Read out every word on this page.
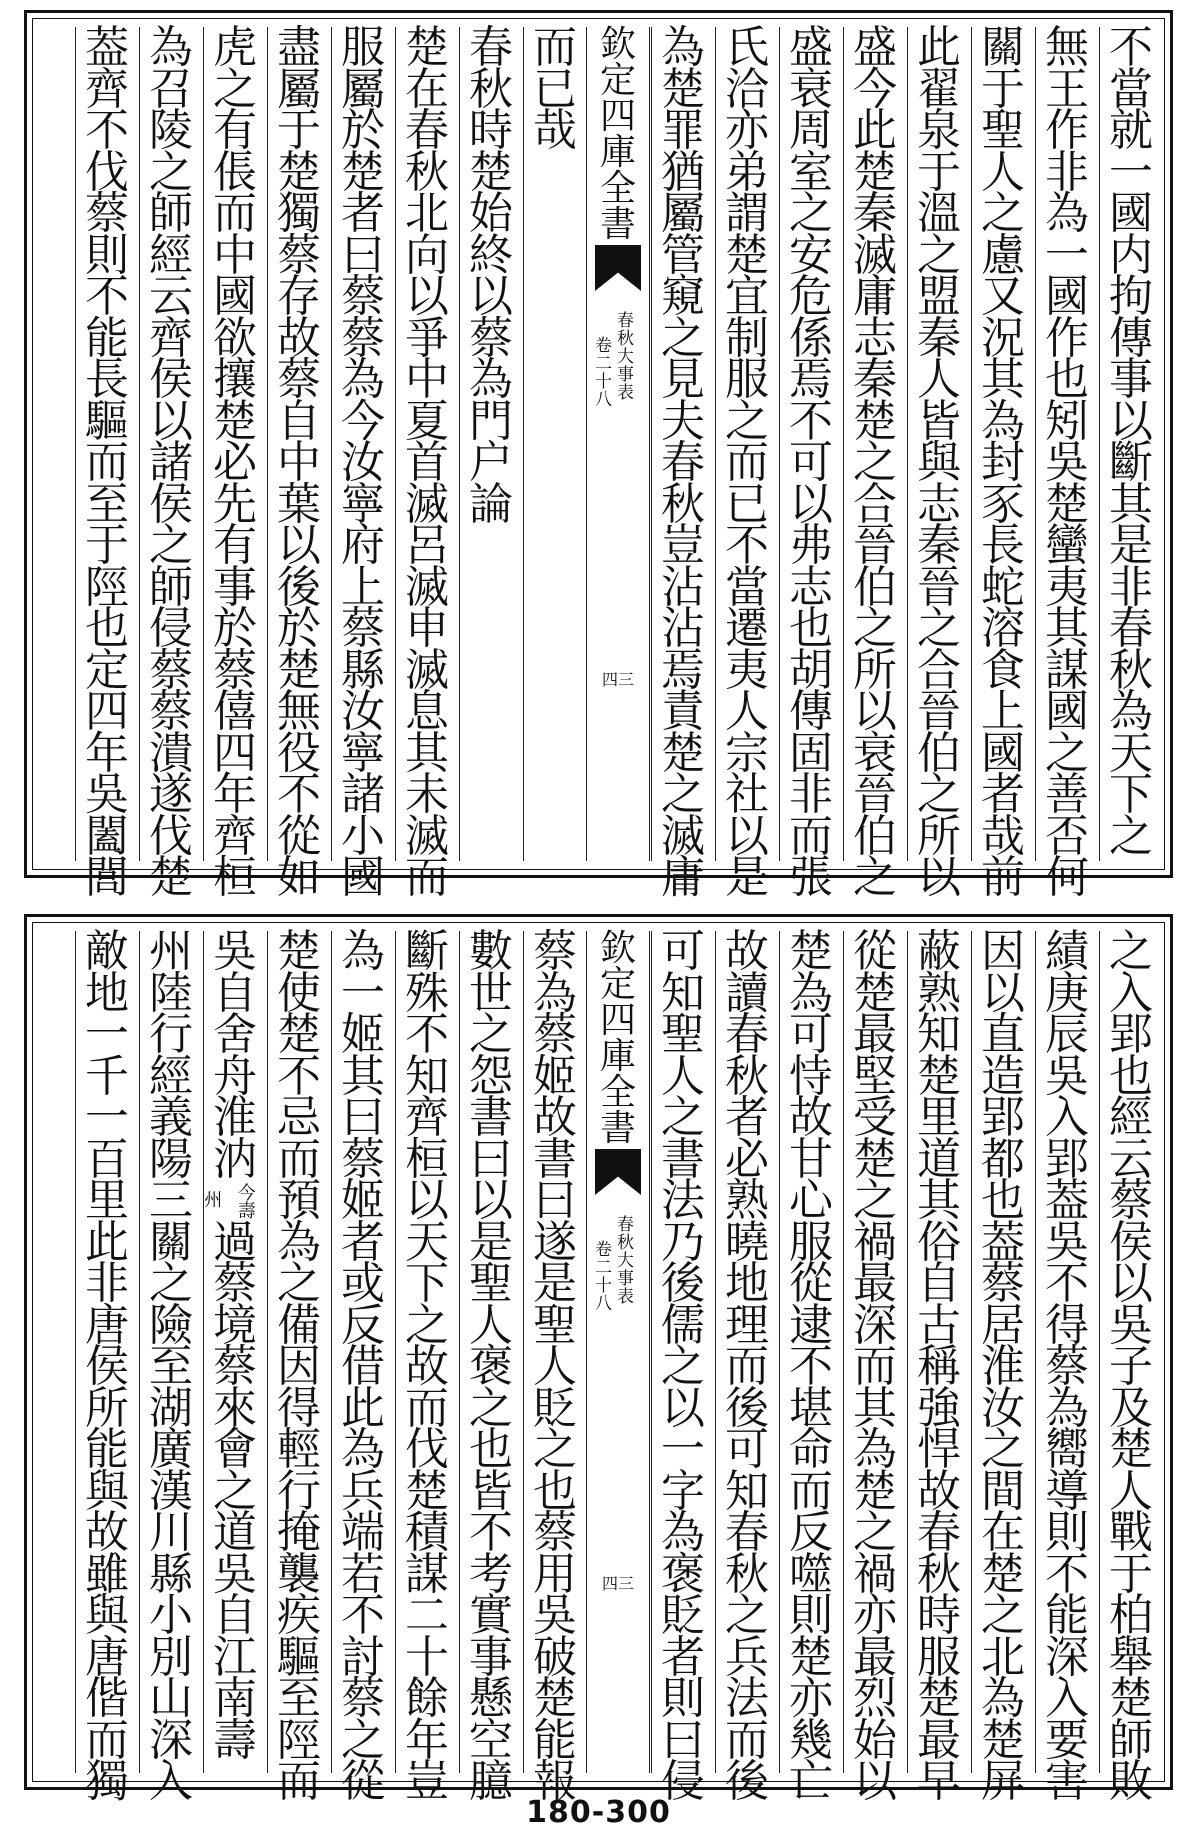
不
當
就
一
國
内
拘
傳
事
以
斷
其
是
非
春
秋
為
天
下
之
無
王
作
非
為
一
國
作
也
矧
吳
楚
蠻
夷
其
謀
國
之
善
否
何
關
于
聖
人
之
慮
又
況
其
為
封
豕
長
蛇
溶
食
上
國
者
哉
前
此
翟
泉
于
溫
之
盟
秦
人
皆
與
志
秦
晉
之
合
晉
伯
之
所
以
盛
今
此
楚
秦
滅
庸
志
秦
楚
之
合
晉
伯
之
所
以
衰
晉
伯
之
盛
衰
周
室
之
安
危
係
焉
不
可
以
弗
志
也
胡
傳
固
非
而
張
氏
洽
亦
弟
謂
楚
宜
制
服
之
而
已
不
當
遷
夷
人
宗
社
以
是
為
楚
罪
猶
屬
管
窺
之
見
夫
春
秋
豈
沾
沾
焉
責
楚
之
滅
庸
欽
定
四
庫
全
書
春
秋
大
事
表
卷
二
十
八
四三
而
已
哉
春
秋
時
楚
始
終
以
蔡
為
門
户
論
楚
在
春
秋
北
向
以
爭
中
夏
首
滅
呂
滅
申
滅
息
其
未
滅
而
服
屬
於
楚
者
曰
蔡
蔡
為
今
汝
寧
府
上
蔡
縣
汝
寧
諸
小
國
盡
屬
于
楚
獨
蔡
存
故
蔡
自
中
葉
以
後
於
楚
無
役
不
從
如
虎
之
有
倀
而
中
國
欲
攘
楚
必
先
有
事
於
蔡
僖
四
年
齊
桓
為
召
陵
之
師
經
云
齊
侯
以
諸
侯
之
師
侵
蔡
蔡
潰
遂
伐
楚
葢
齊
不
伐
蔡
則
不
能
長
驅
而
至
于
陘
也
定
四
年
吳
闔
閭
之
入
郢
也
經
云
蔡
侯
以
吳
子
及
楚
人
戰
于
柏
舉
楚
師
敗
績
庚
辰
吳
入
郢
葢
吳
不
得
蔡
為
嚮
導
則
不
能
深
入
要
害
因
以
直
造
郢
都
也
葢
蔡
居
淮
汝
之
間
在
楚
之
北
為
楚
屏
蔽
熟
知
楚
里
道
其
俗
自
古
稱
強
悍
故
春
秋
時
服
楚
最
早
從
楚
最
堅
受
楚
之
禍
最
深
而
其
為
楚
之
禍
亦
最
烈
始
以
楚
為
可
恃
故
甘
心
服
從
逮
不
堪
命
而
反
噬
則
楚
亦
幾
亡
故
讀
春
秋
者
必
熟
曉
地
理
而
後
可
知
春
秋
之
兵
法
而
後
可
知
聖
人
之
書
法
乃
後
儒
之
以
一
字
為
褒
貶
者
則
曰
侵
欽
定
四
庫
全
書
春
秋
大
事
表
卷
二
十
八
四三
蔡
為
蔡
姬
故
書
曰
遂
是
聖
人
貶
之
也
蔡
用
吳
破
楚
能
報
數
世
之
怨
書
曰
以
是
聖
人
褒
之
也
皆
不
考
實
事
懸
空
臆
斷
殊
不
知
齊
桓
以
天
下
之
故
而
伐
楚
積
謀
二
十
餘
年
豈
為
一
姬
其
曰
蔡
姬
者
或
反
借
此
為
兵
端
若
不
討
蔡
之
從
楚
使
楚
不
忌
而
預
為
之
備
因
得
輕
行
掩
襲
疾
驅
至
陘
而
吳
自
舍
舟
淮
汭
州 今壽
過
蔡
境
蔡
來
會
之
道
吳
自
江
南
壽
州
陸
行
經
義
陽
三
關
之
險
至
湖
廣
漢
川
縣
小
別
山
深
入
敵
地
一
千
一
百
里
此
非
唐
侯
所
能
與
故
雖
與
唐
偕
而
獨
180-300
